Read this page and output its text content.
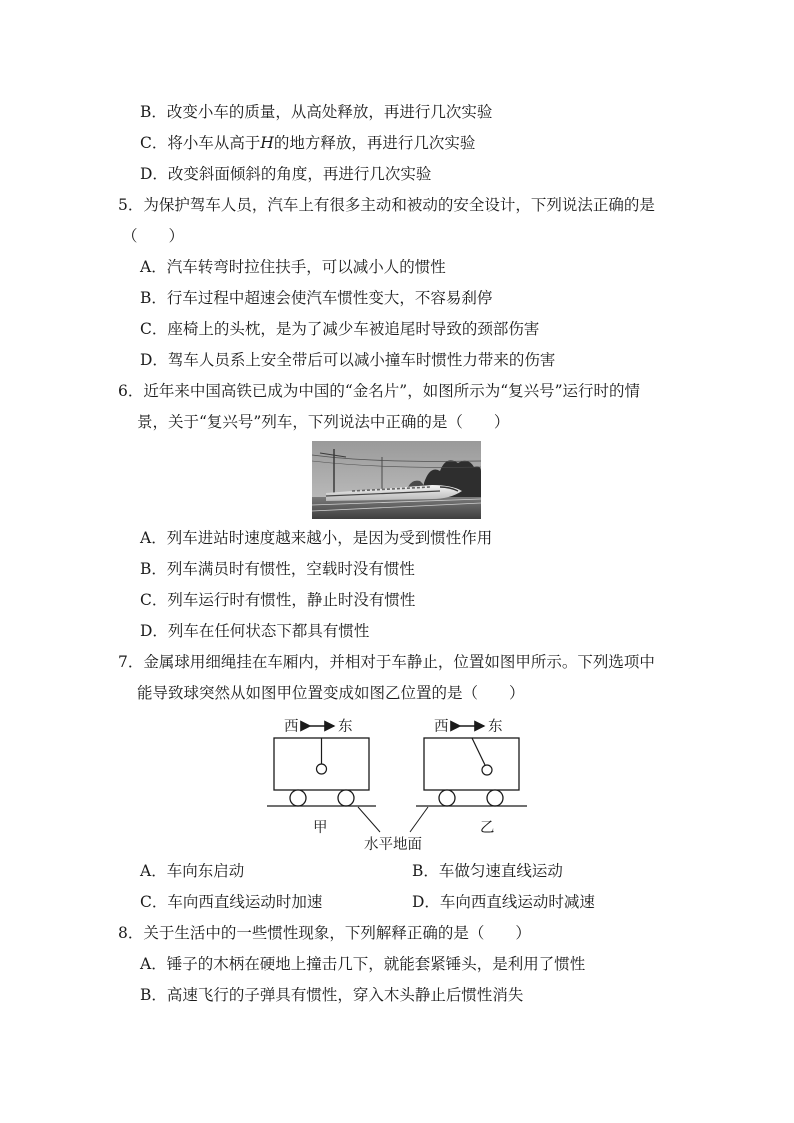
B．改变小车的质量，从高处释放，再进行几次实验
C．将小车从高于H的地方释放，再进行几次实验
D．改变斜面倾斜的角度，再进行几次实验
5．为保护驾车人员，汽车上有很多主动和被动的安全设计，下列说法正确的是
（　　）
A．汽车转弯时拉住扶手，可以减小人的惯性
B．行车过程中超速会使汽车惯性变大，不容易刹停
C．座椅上的头枕，是为了减少车被追尾时导致的颈部伤害
D．驾车人员系上安全带后可以减小撞车时惯性力带来的伤害
6．近年来中国高铁已成为中国的“金名片”，如图所示为“复兴号”运行时的情
景，关于“复兴号”列车，下列说法中正确的是（　　）
A．列车进站时速度越来越小，是因为受到惯性作用
B．列车满员时有惯性，空载时没有惯性
C．列车运行时有惯性，静止时没有惯性
D．列车在任何状态下都具有惯性
7．金属球用细绳挂在车厢内，并相对于车静止，位置如图甲所示。下列选项中
能导致球突然从如图甲位置变成如图乙位置的是（　　）
西	东
甲
西	东
乙
水平地面
A．车向东启动	B．车做匀速直线运动
C．车向西直线运动时加速	D．车向西直线运动时减速
8．关于生活中的一些惯性现象，下列解释正确的是（　　）
A．锤子的木柄在硬地上撞击几下，就能套紧锤头，是利用了惯性
B．高速飞行的子弹具有惯性，穿入木头静止后惯性消失
